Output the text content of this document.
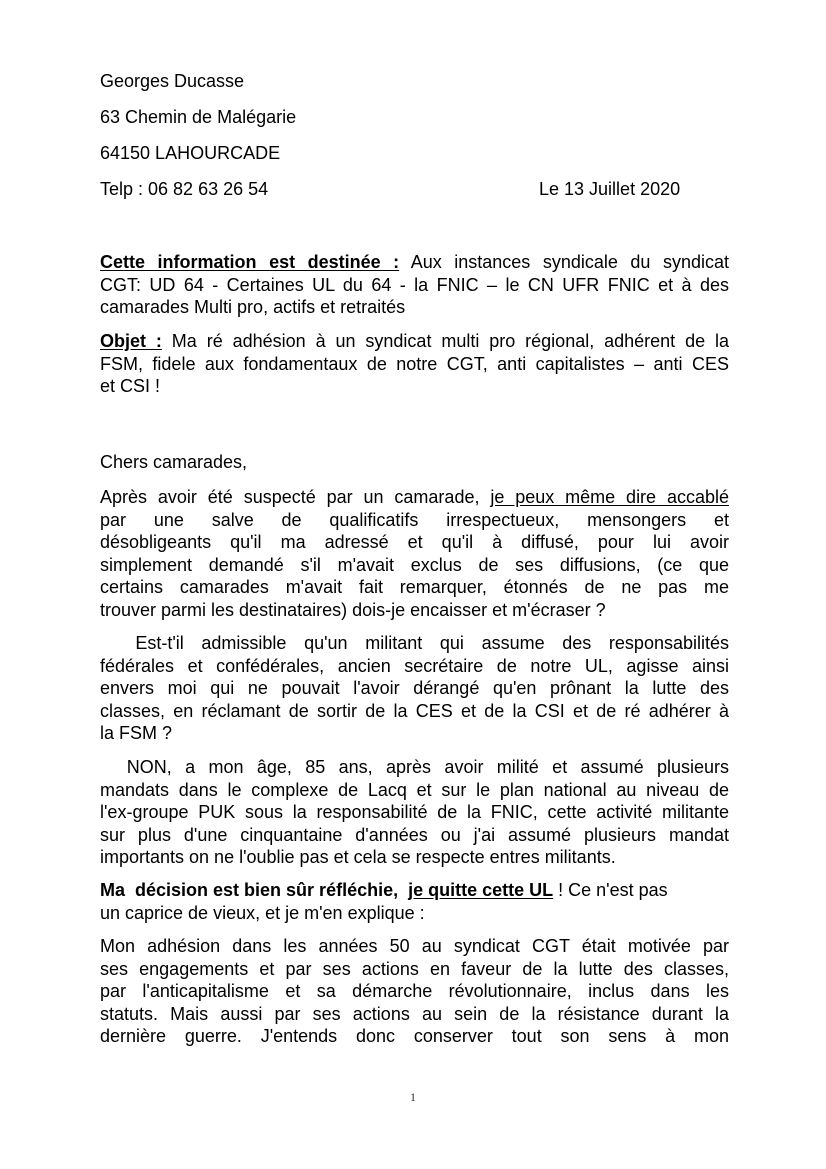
Georges Ducasse

63 Chemin de Malégarie

64150 LAHOURCADE

Telp : 06 82 63 26 54	Le 13 Juillet 2020

Cette information est destinée : Aux instances syndicale du syndicat
CGT: UD 64 - Certaines UL du 64 - la FNIC – le CN UFR FNIC et à des
camarades Multi pro, actifs et retraités
Objet : Ma ré adhésion à un syndicat multi pro régional, adhérent de la
FSM, fidele aux fondamentaux de notre CGT, anti capitalistes – anti CES
et CSI !

Chers camarades,

Après avoir été suspecté par un camarade, je peux même dire accablé
par une salve de qualificatifs irrespectueux, mensongers et
désobligeants qu'il ma adressé et qu'il à diffusé, pour lui avoir
simplement demandé s'il m'avait exclus de ses diffusions, (ce que
certains camarades m'avait fait remarquer, étonnés de ne pas me
trouver parmi les destinataires) dois-je encaisser et m'écraser ?
Est-t'il admissible qu'un militant qui assume des responsabilités
fédérales et confédérales, ancien secrétaire de notre UL, agisse ainsi
envers moi qui ne pouvait l'avoir dérangé qu'en prônant la lutte des
classes, en réclamant de sortir de la CES et de la CSI et de ré adhérer à
la FSM ?
NON, a mon âge, 85 ans, après avoir milité et assumé plusieurs
mandats dans le complexe de Lacq et sur le plan national au niveau de
l'ex-groupe PUK sous la responsabilité de la FNIC, cette activité militante
sur plus d'une cinquantaine d'années ou j'ai assumé plusieurs mandat
importants on ne l'oublie pas et cela se respecte entres militants.
Ma  décision est bien sûr réfléchie,  je quitte cette UL ! Ce n'est pas
un caprice de vieux, et je m'en explique :
Mon adhésion dans les années 50 au syndicat CGT était motivée par
ses engagements et par ses actions en faveur de la lutte des classes,
par l'anticapitalisme et sa démarche révolutionnaire, inclus dans les
statuts. Mais aussi par ses actions au sein de la résistance durant la
dernière guerre. J'entends donc conserver tout son sens à mon
1
